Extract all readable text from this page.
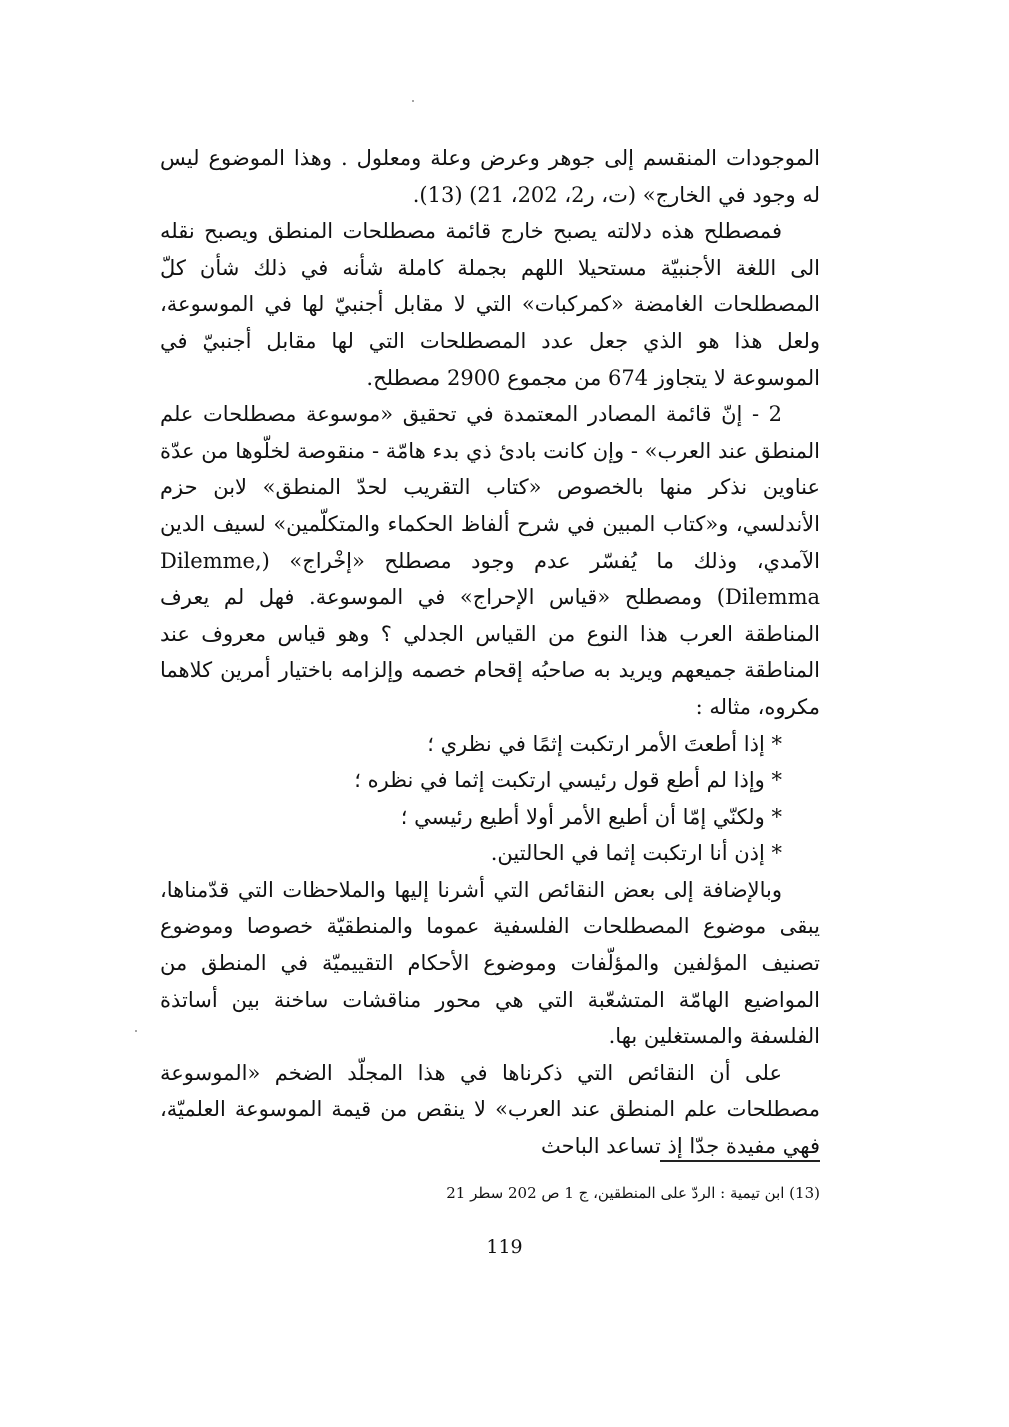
الموجودات المنقسم إلى جوهر وعرض وعلة ومعلول . وهذا الموضوع ليس له وجود في الخارج» (ت، ر2، 202، 21) (13).

فمصطلح هذه دلالته يصبح خارج قائمة مصطلحات المنطق ويصبح نقله الى اللغة الأجنبيّة مستحيلا اللهم بجملة كاملة شأنه في ذلك شأن كلّ المصطلحات الغامضة «كمركبات» التي لا مقابل أجنبيّ لها في الموسوعة، ولعل هذا هو الذي جعل عدد المصطلحات التي لها مقابل أجنبيّ في الموسوعة لا يتجاوز 674 من مجموع 2900 مصطلح.

2 - إنّ قائمة المصادر المعتمدة في تحقيق «موسوعة مصطلحات علم المنطق عند العرب» - وإن كانت بادئ ذي بدء هامّة - منقوصة لخلّوها من عدّة عناوين نذكر منها بالخصوص «كتاب التقريب لحدّ المنطق» لابن حزم الأندلسي، و«كتاب المبين في شرح ألفاظ الحكماء والمتكلّمين» لسيف الدين الآمدي، وذلك ما يُفسّر عدم وجود مصطلح «إخْراج» (Dilemme, Dilemma) ومصطلح «قياس الإحراج» في الموسوعة. فهل لم يعرف المناطقة العرب هذا النوع من القياس الجدلي ؟ وهو قياس معروف عند المناطقة جميعهم ويريد به صاحبُه إقحام خصمه وإلزامه باختيار أمرين كلاهما مكروه، مثاله :

* إذا أطعتَ الأمر ارتكبت إثمًا في نظري ؛

* وإذا لم أطع قول رئيسي ارتكبت إثما في نظره ؛

* ولكنّي إمّا أن أطيع الأمر أولا أطيع رئيسي ؛

* إذن أنا ارتكبت إثما في الحالتين.

وبالإضافة إلى بعض النقائص التي أشرنا إليها والملاحظات التي قدّمناها، يبقى موضوع المصطلحات الفلسفية عموما والمنطقيّة خصوصا وموضوع تصنيف المؤلفين والمؤلّفات وموضوع الأحكام التقييميّة في المنطق من المواضيع الهامّة المتشعّبة التي هي محور مناقشات ساخنة بين أساتذة الفلسفة والمستغلين بها.

على أن النقائص التي ذكرناها في هذا المجلّد الضخم «الموسوعة مصطلحات علم المنطق عند العرب» لا ينقص من قيمة الموسوعة العلميّة، فهي مفيدة جدّا إذ تساعد الباحث

(13) ابن تيمية : الردّ على المنطقين، ج 1 ص 202 سطر 21
119
